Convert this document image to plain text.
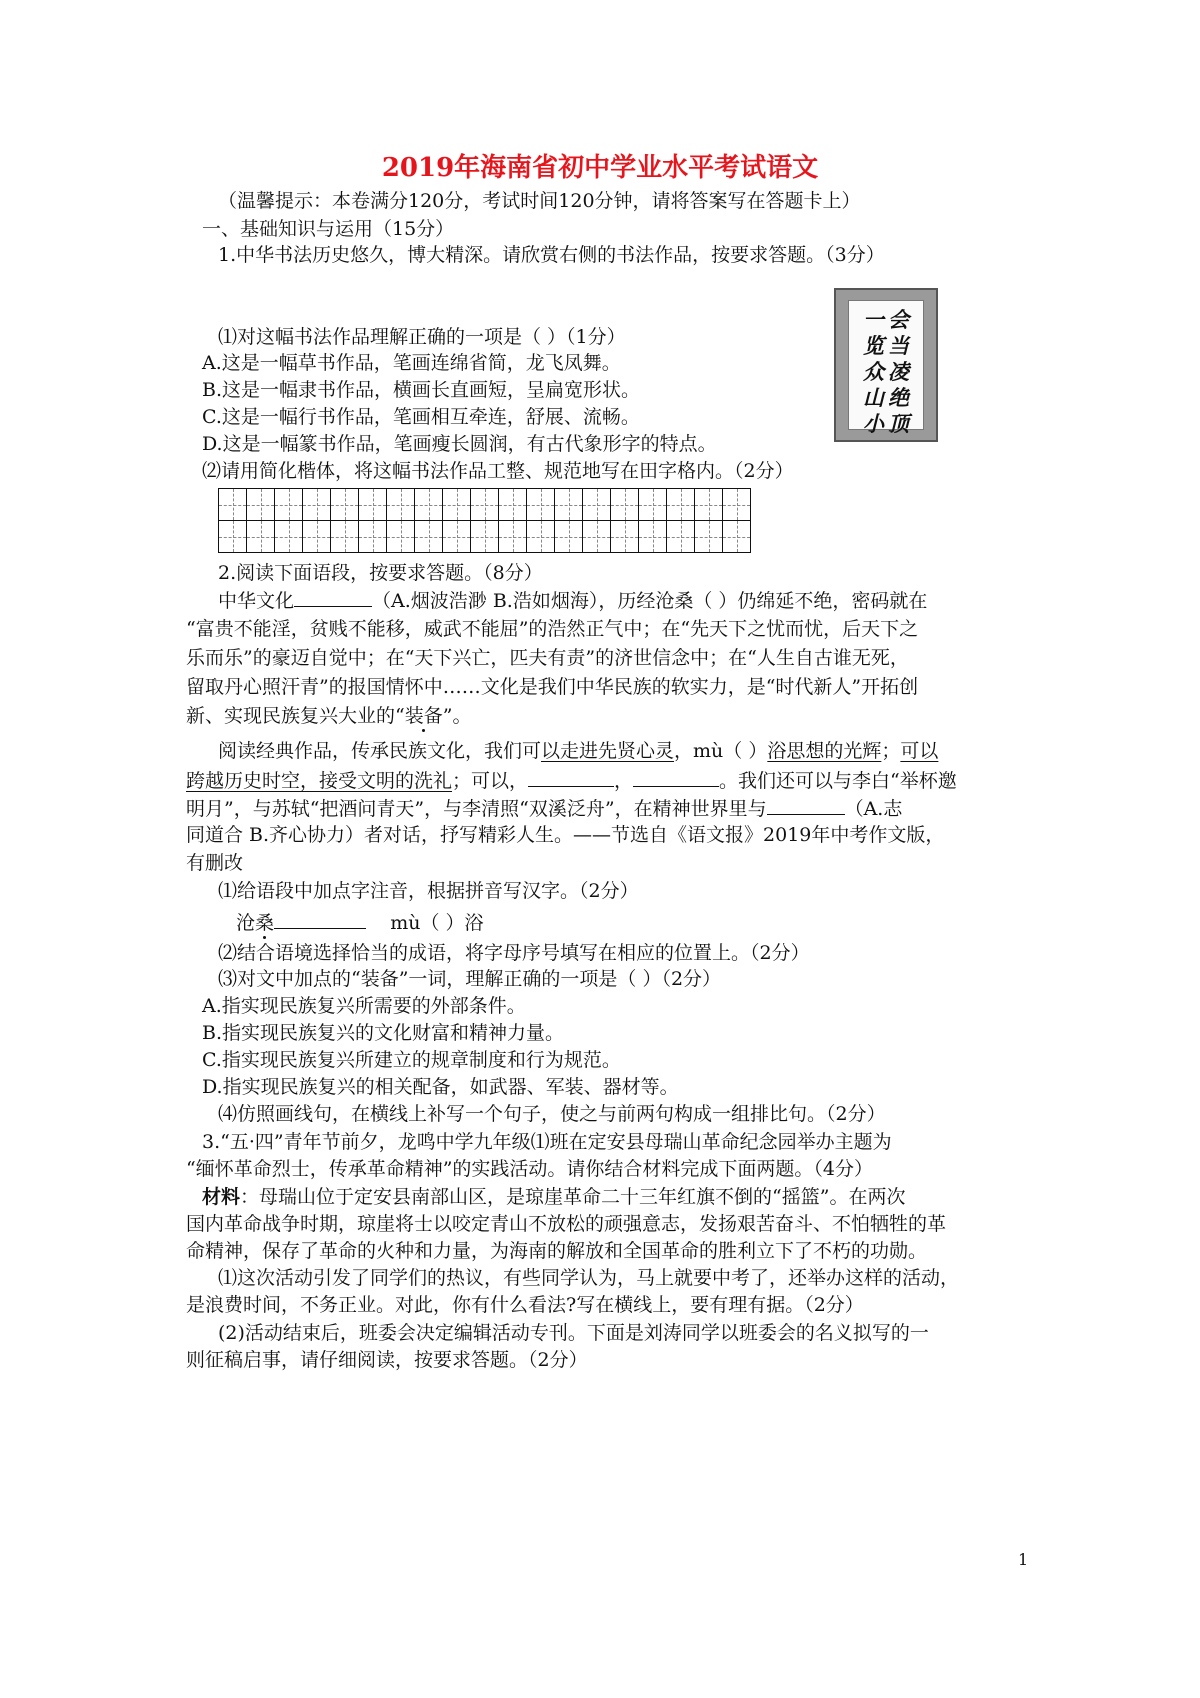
2019年海南省初中学业水平考试语文
（温馨提示：本卷满分120分，考试时间120分钟，请将答案写在答题卡上）
一、基础知识与运用（15分）
1.中华书法历史悠久，博大精深。请欣赏右侧的书法作品，按要求答题。（3分）
会
当
凌
绝
顶
一
览
众
山
小
⑴对这幅书法作品理解正确的一项是（ ）（1分）
A.这是一幅草书作品，笔画连绵省简，龙飞凤舞。
B.这是一幅隶书作品，横画长直画短，呈扁宽形状。
C.这是一幅行书作品，笔画相互牵连，舒展、流畅。
D.这是一幅篆书作品，笔画瘦长圆润，有古代象形字的特点。
⑵请用简化楷体，将这幅书法作品工整、规范地写在田字格内。（2分）
2.阅读下面语段，按要求答题。（8分）
中华文化	（A.烟波浩渺 B.浩如烟海），历经沧桑（ ）仍绵延不绝，密码就在
“富贵不能淫，贫贱不能移，威武不能屈”的浩然正气中；在“先天下之忧而忧，后天下之
乐而乐”的豪迈自觉中；在“天下兴亡，匹夫有责”的济世信念中；在“人生自古谁无死，
留取丹心照汗青”的报国情怀中……文化是我们中华民族的软实力，是“时代新人”开拓创
新、实现民族复兴大业的“装备”。
阅读经典作品，传承民族文化，我们可以走进先贤心灵，mù（ ）浴思想的光辉；可以
跨越历史时空，接受文明的洗礼；可以，	，	。我们还可以与李白“举杯邀
明月”，与苏轼“把酒问青天”，与李清照“双溪泛舟”，在精神世界里与	（A.志
同道合 B.齐心协力）者对话，抒写精彩人生。——节选自《语文报》2019年中考作文版，
有删改
⑴给语段中加点字注音，根据拼音写汉字。（2分）
沧桑	mù（ ）浴
⑵结合语境选择恰当的成语，将字母序号填写在相应的位置上。（2分）
⑶对文中加点的“装备”一词，理解正确的一项是（ ）（2分）
A.指实现民族复兴所需要的外部条件。
B.指实现民族复兴的文化财富和精神力量。
C.指实现民族复兴所建立的规章制度和行为规范。
D.指实现民族复兴的相关配备，如武器、军装、器材等。
⑷仿照画线句，在横线上补写一个句子，使之与前两句构成一组排比句。（2分）
3.“五·四”青年节前夕，龙鸣中学九年级⑴班在定安县母瑞山革命纪念园举办主题为
“缅怀革命烈士，传承革命精神”的实践活动。请你结合材料完成下面两题。（4分）
材料：母瑞山位于定安县南部山区，是琼崖革命二十三年红旗不倒的“摇篮”。在两次
国内革命战争时期，琼崖将士以咬定青山不放松的顽强意志，发扬艰苦奋斗、不怕牺牲的革
命精神，保存了革命的火种和力量，为海南的解放和全国革命的胜利立下了不朽的功勋。
⑴这次活动引发了同学们的热议，有些同学认为，马上就要中考了，还举办这样的活动，
是浪费时间，不务正业。对此，你有什么看法?写在横线上，要有理有据。（2分）
(2)活动结束后，班委会决定编辑活动专刊。下面是刘涛同学以班委会的名义拟写的一
则征稿启事，请仔细阅读，按要求答题。（2分）
1
